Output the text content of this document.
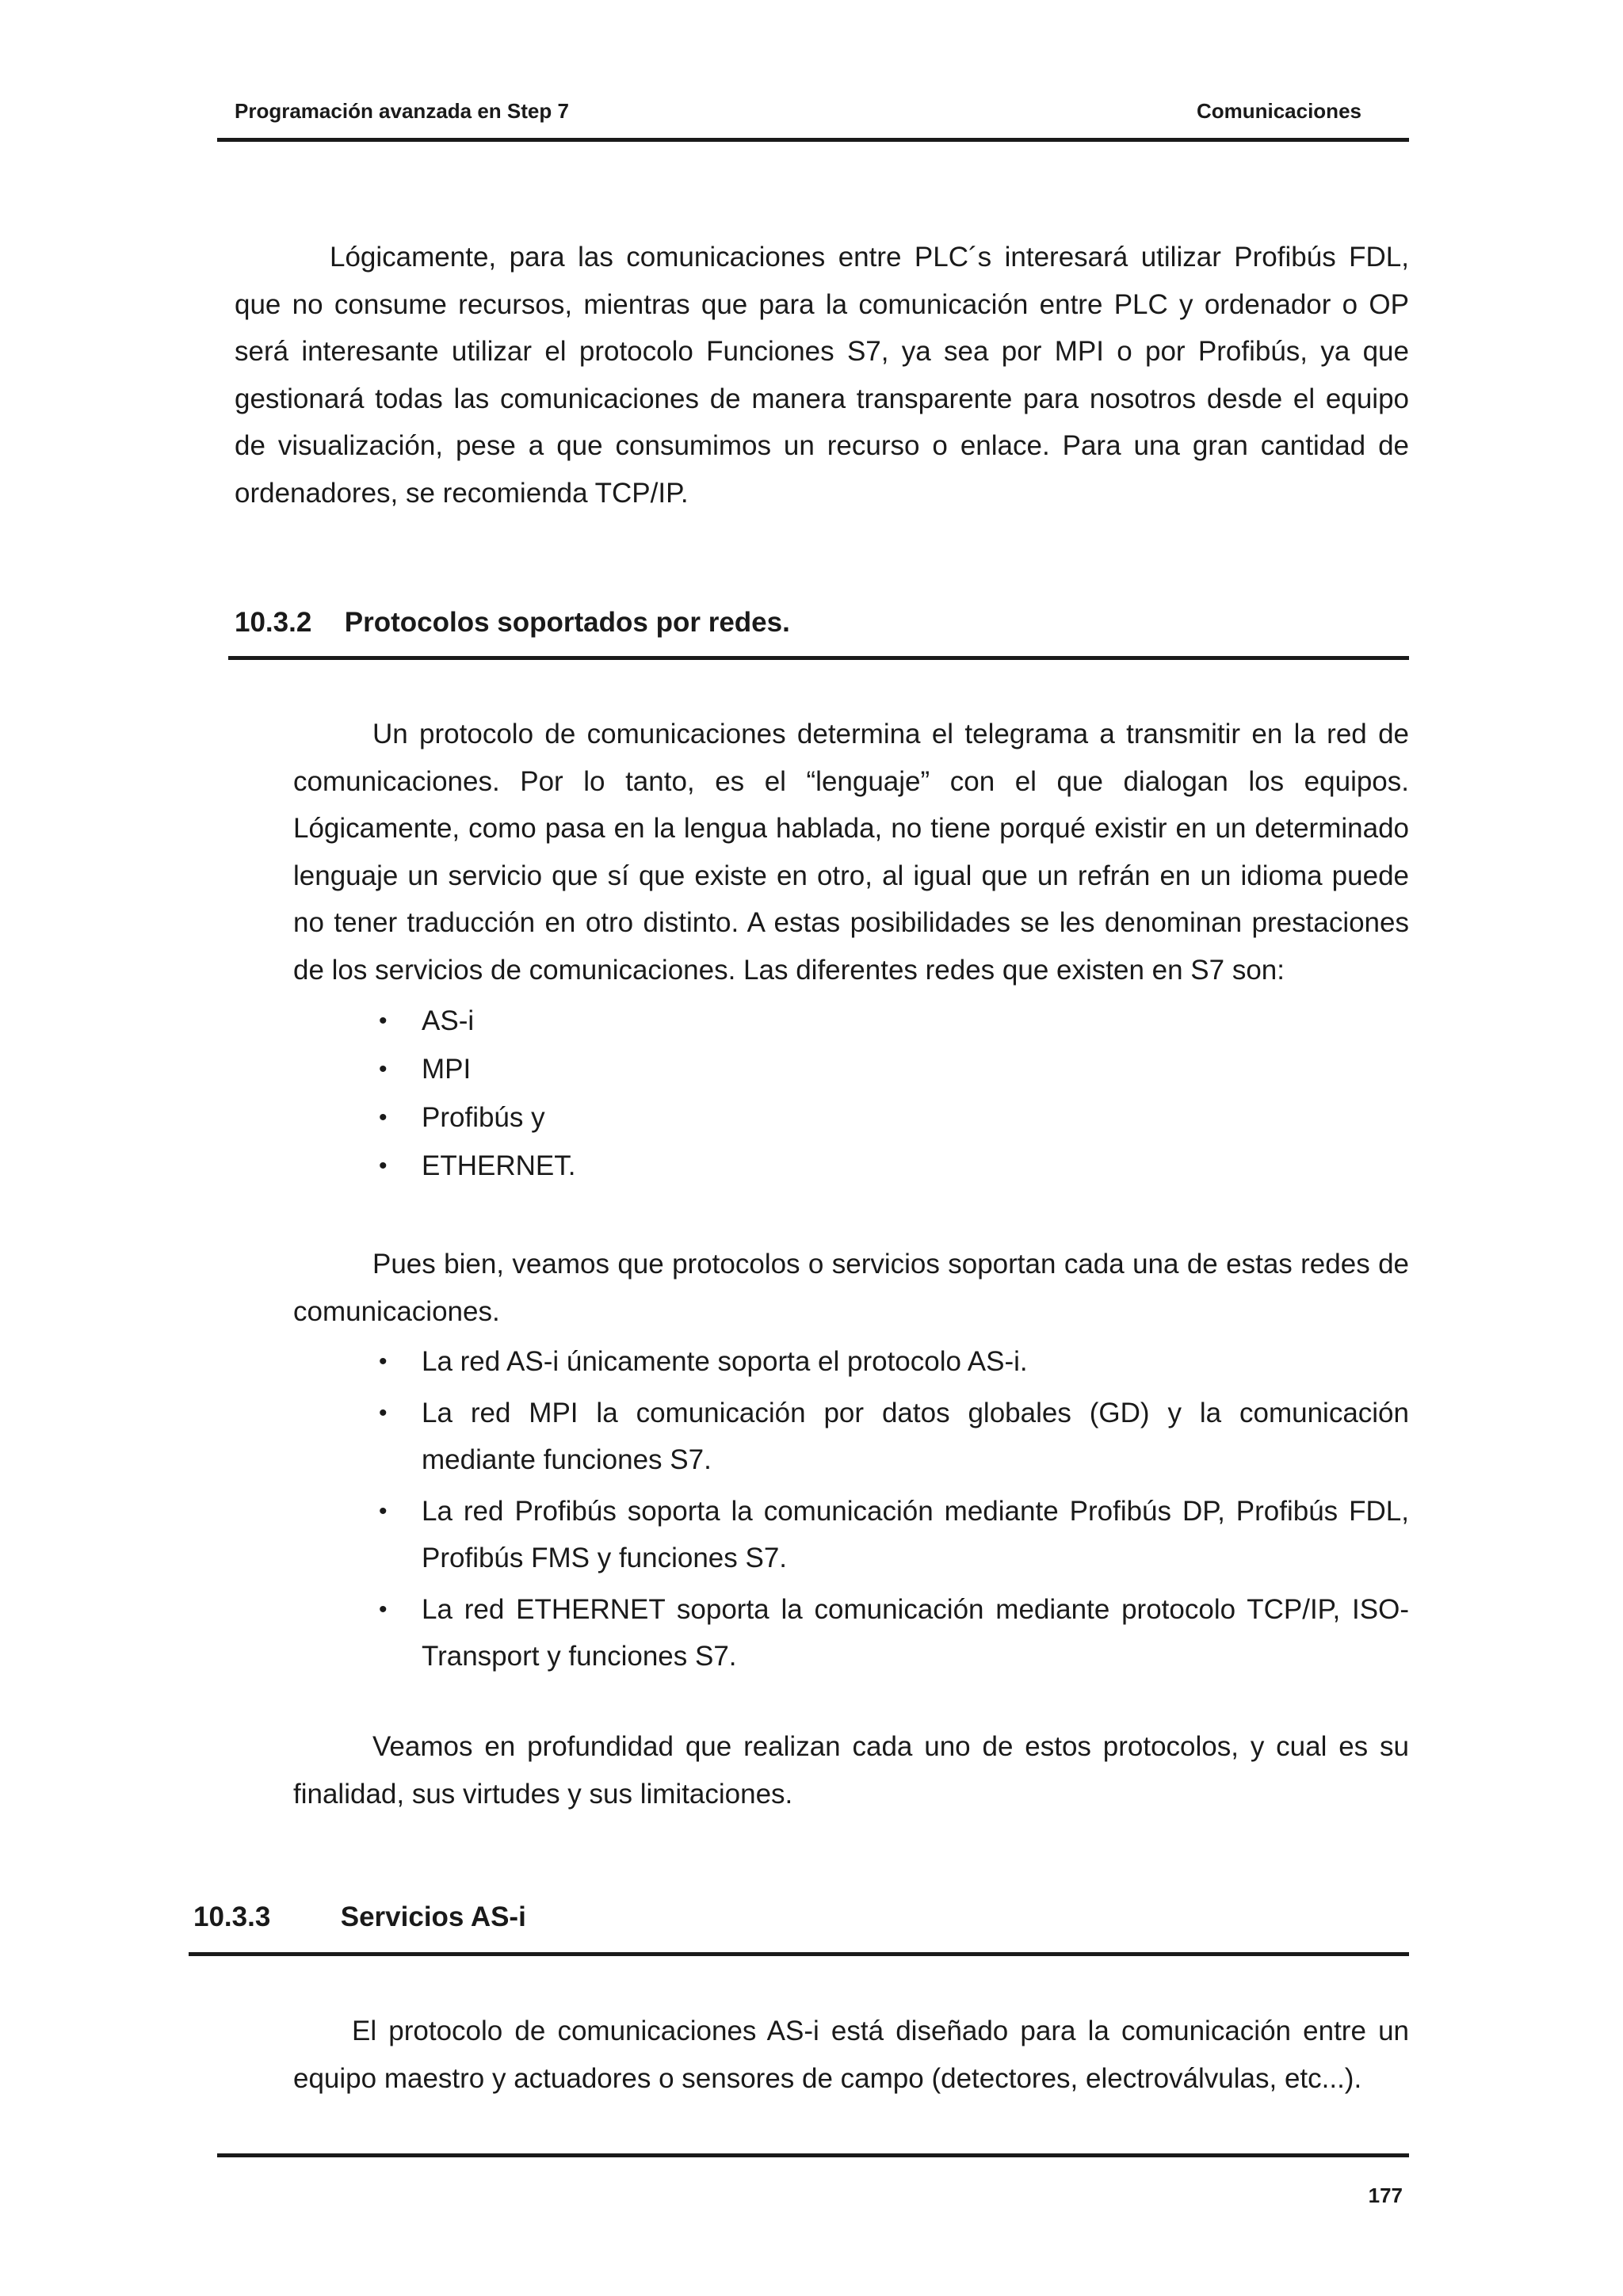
Programación avanzada en Step 7	Comunicaciones

Lógicamente, para las comunicaciones entre PLC´s interesará utilizar Profibús FDL, que no consume recursos, mientras que para la comunicación entre PLC y ordenador o OP será interesante utilizar el protocolo Funciones S7, ya sea por MPI o por Profibús, ya que gestionará todas las comunicaciones de manera transparente para nosotros desde el equipo de visualización, pese a que consumimos un recurso o enlace. Para una gran cantidad de ordenadores, se recomienda TCP/IP.

10.3.2 Protocolos soportados por redes.

Un protocolo de comunicaciones determina el telegrama a transmitir en la red de comunicaciones. Por lo tanto, es el “lenguaje” con el que dialogan los equipos. Lógicamente, como pasa en la lengua hablada, no tiene porqué existir en un determinado lenguaje un servicio que sí que existe en otro, al igual que un refrán en un idioma puede no tener traducción en otro distinto. A estas posibilidades se les denominan prestaciones de los servicios de comunicaciones. Las diferentes redes que existen en S7 son:

• AS-i
• MPI
• Profibús y
• ETHERNET.

Pues bien, veamos que protocolos o servicios soportan cada una de estas redes de comunicaciones.

• La red AS-i únicamente soporta el protocolo AS-i.
• La red MPI la comunicación por datos globales (GD) y la comunicación mediante funciones S7.
• La red Profibús soporta la comunicación mediante Profibús DP, Profibús FDL, Profibús FMS y funciones S7.
• La red ETHERNET soporta la comunicación mediante protocolo TCP/IP, ISO-Transport y funciones S7.

Veamos en profundidad que realizan cada uno de estos protocolos, y cual es su finalidad, sus virtudes y sus limitaciones.

10.3.3	Servicios AS-i

El protocolo de comunicaciones AS-i está diseñado para la comunicación entre un equipo maestro y actuadores o sensores de campo (detectores, electroválvulas, etc...).

177
